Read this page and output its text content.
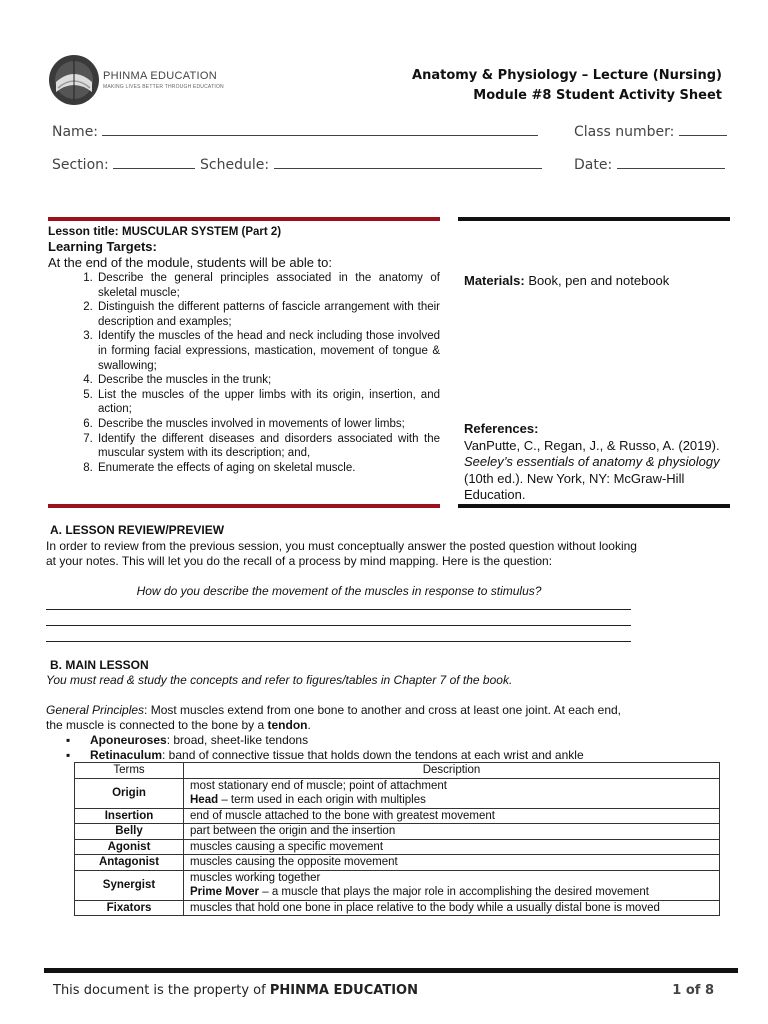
PHINMA EDUCATION
MAKING LIVES BETTER THROUGH EDUCATION
Anatomy & Physiology – Lecture (Nursing)
Module #8 Student Activity Sheet
Name:	Class number:
Section:	Schedule:	Date:
Lesson title: MUSCULAR SYSTEM (Part 2)
Learning Targets:
At the end of the module, students will be able to:
1. Describe the general principles associated in the anatomy of skeletal muscle;
2. Distinguish the different patterns of fascicle arrangement with their description and examples;
3. Identify the muscles of the head and neck including those involved in forming facial expressions, mastication, movement of tongue & swallowing;
4. Describe the muscles in the trunk;
5. List the muscles of the upper limbs with its origin, insertion, and action;
6. Describe the muscles involved in movements of lower limbs;
7. Identify the different diseases and disorders associated with the muscular system with its description; and,
8. Enumerate the effects of aging on skeletal muscle.
Materials: Book, pen and notebook
References:
VanPutte, C., Regan, J., & Russo, A. (2019). Seeley’s essentials of anatomy & physiology (10th ed.). New York, NY: McGraw-Hill Education.
A. LESSON REVIEW/PREVIEW
In order to review from the previous session, you must conceptually answer the posted question without looking at your notes. This will let you do the recall of a process by mind mapping. Here is the question:
How do you describe the movement of the muscles in response to stimulus?
B. MAIN LESSON
You must read & study the concepts and refer to figures/tables in Chapter 7 of the book.
General Principles: Most muscles extend from one bone to another and cross at least one joint. At each end, the muscle is connected to the bone by a tendon.
▪ Aponeuroses: broad, sheet-like tendons
▪ Retinaculum: band of connective tissue that holds down the tendons at each wrist and ankle
Terms	Description
Origin	most stationary end of muscle; point of attachment
Head – term used in each origin with multiples

Insertion	end of muscle attached to the bone with greatest movement
Belly	part between the origin and the insertion
Agonist	muscles causing a specific movement
Antagonist	muscles causing the opposite movement
Synergist	muscles working together
Prime Mover – a muscle that plays the major role in accomplishing the desired movement

Fixators	muscles that hold one bone in place relative to the body while a usually distal bone is moved
This document is the property of PHINMA EDUCATION	1 of 8
